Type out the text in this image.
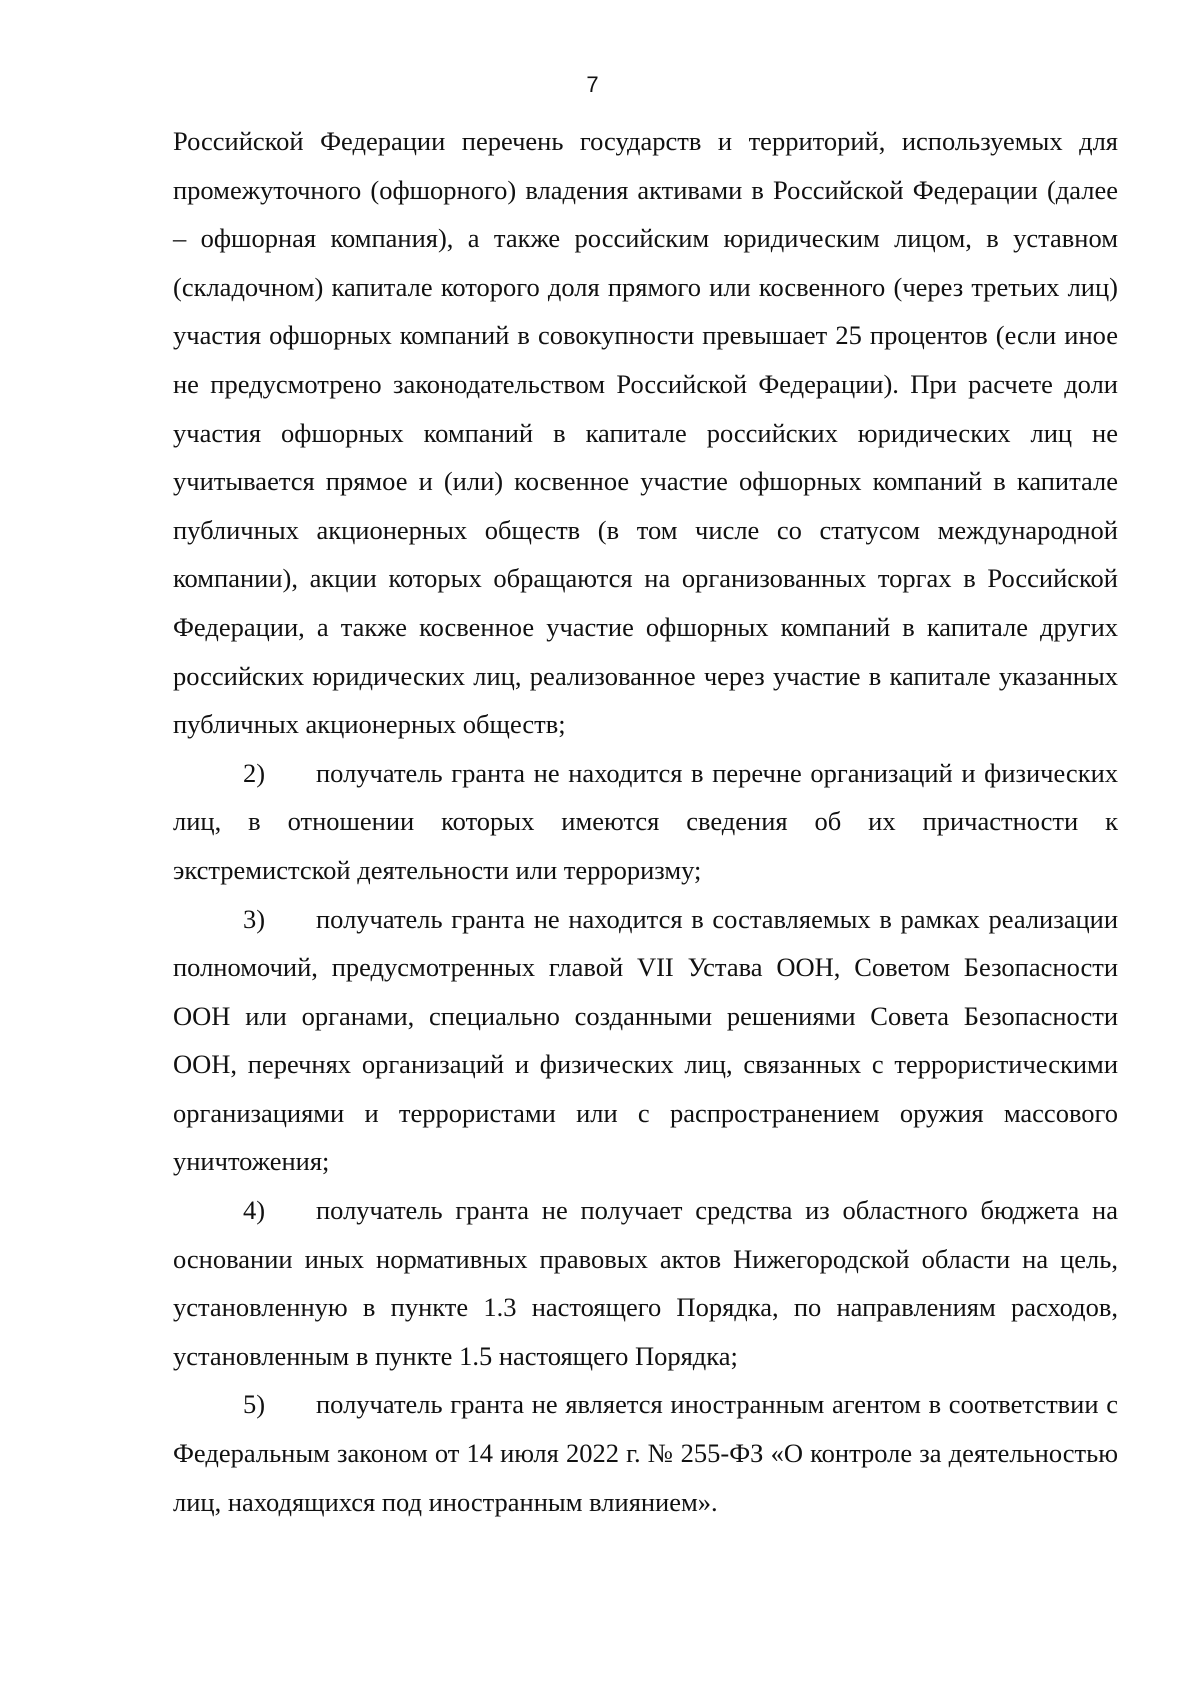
7

Российской Федерации перечень государств и территорий, используемых для промежуточного (офшорного) владения активами в Российской Федерации (далее – офшорная компания), а также российским юридическим лицом, в уставном (складочном) капитале которого доля прямого или косвенного (через третьих лиц) участия офшорных компаний в совокупности превышает 25 процентов (если иное не предусмотрено законодательством Российской Федерации). При расчете доли участия офшорных компаний в капитале российских юридических лиц не учитывается прямое и (или) косвенное участие офшорных компаний в капитале публичных акционерных обществ (в том числе со статусом международной компании), акции которых обращаются на организованных торгах в Российской Федерации, а также косвенное участие офшорных компаний в капитале других российских юридических лиц, реализованное через участие в капитале указанных публичных акционерных обществ;

2) получатель гранта не находится в перечне организаций и физических лиц, в отношении которых имеются сведения об их причастности к экстремистской деятельности или терроризму;

3) получатель гранта не находится в составляемых в рамках реализации полномочий, предусмотренных главой VII Устава ООН, Советом Безопасности ООН или органами, специально созданными решениями Совета Безопасности ООН, перечнях организаций и физических лиц, связанных с террористическими организациями и террористами или с распространением оружия массового уничтожения;

4) получатель гранта не получает средства из областного бюджета на основании иных нормативных правовых актов Нижегородской области на цель, установленную в пункте 1.3 настоящего Порядка, по направлениям расходов, установленным в пункте 1.5 настоящего Порядка;

5) получатель гранта не является иностранным агентом в соответствии с Федеральным законом от 14 июля 2022 г. № 255-ФЗ «О контроле за деятельностью лиц, находящихся под иностранным влиянием».
